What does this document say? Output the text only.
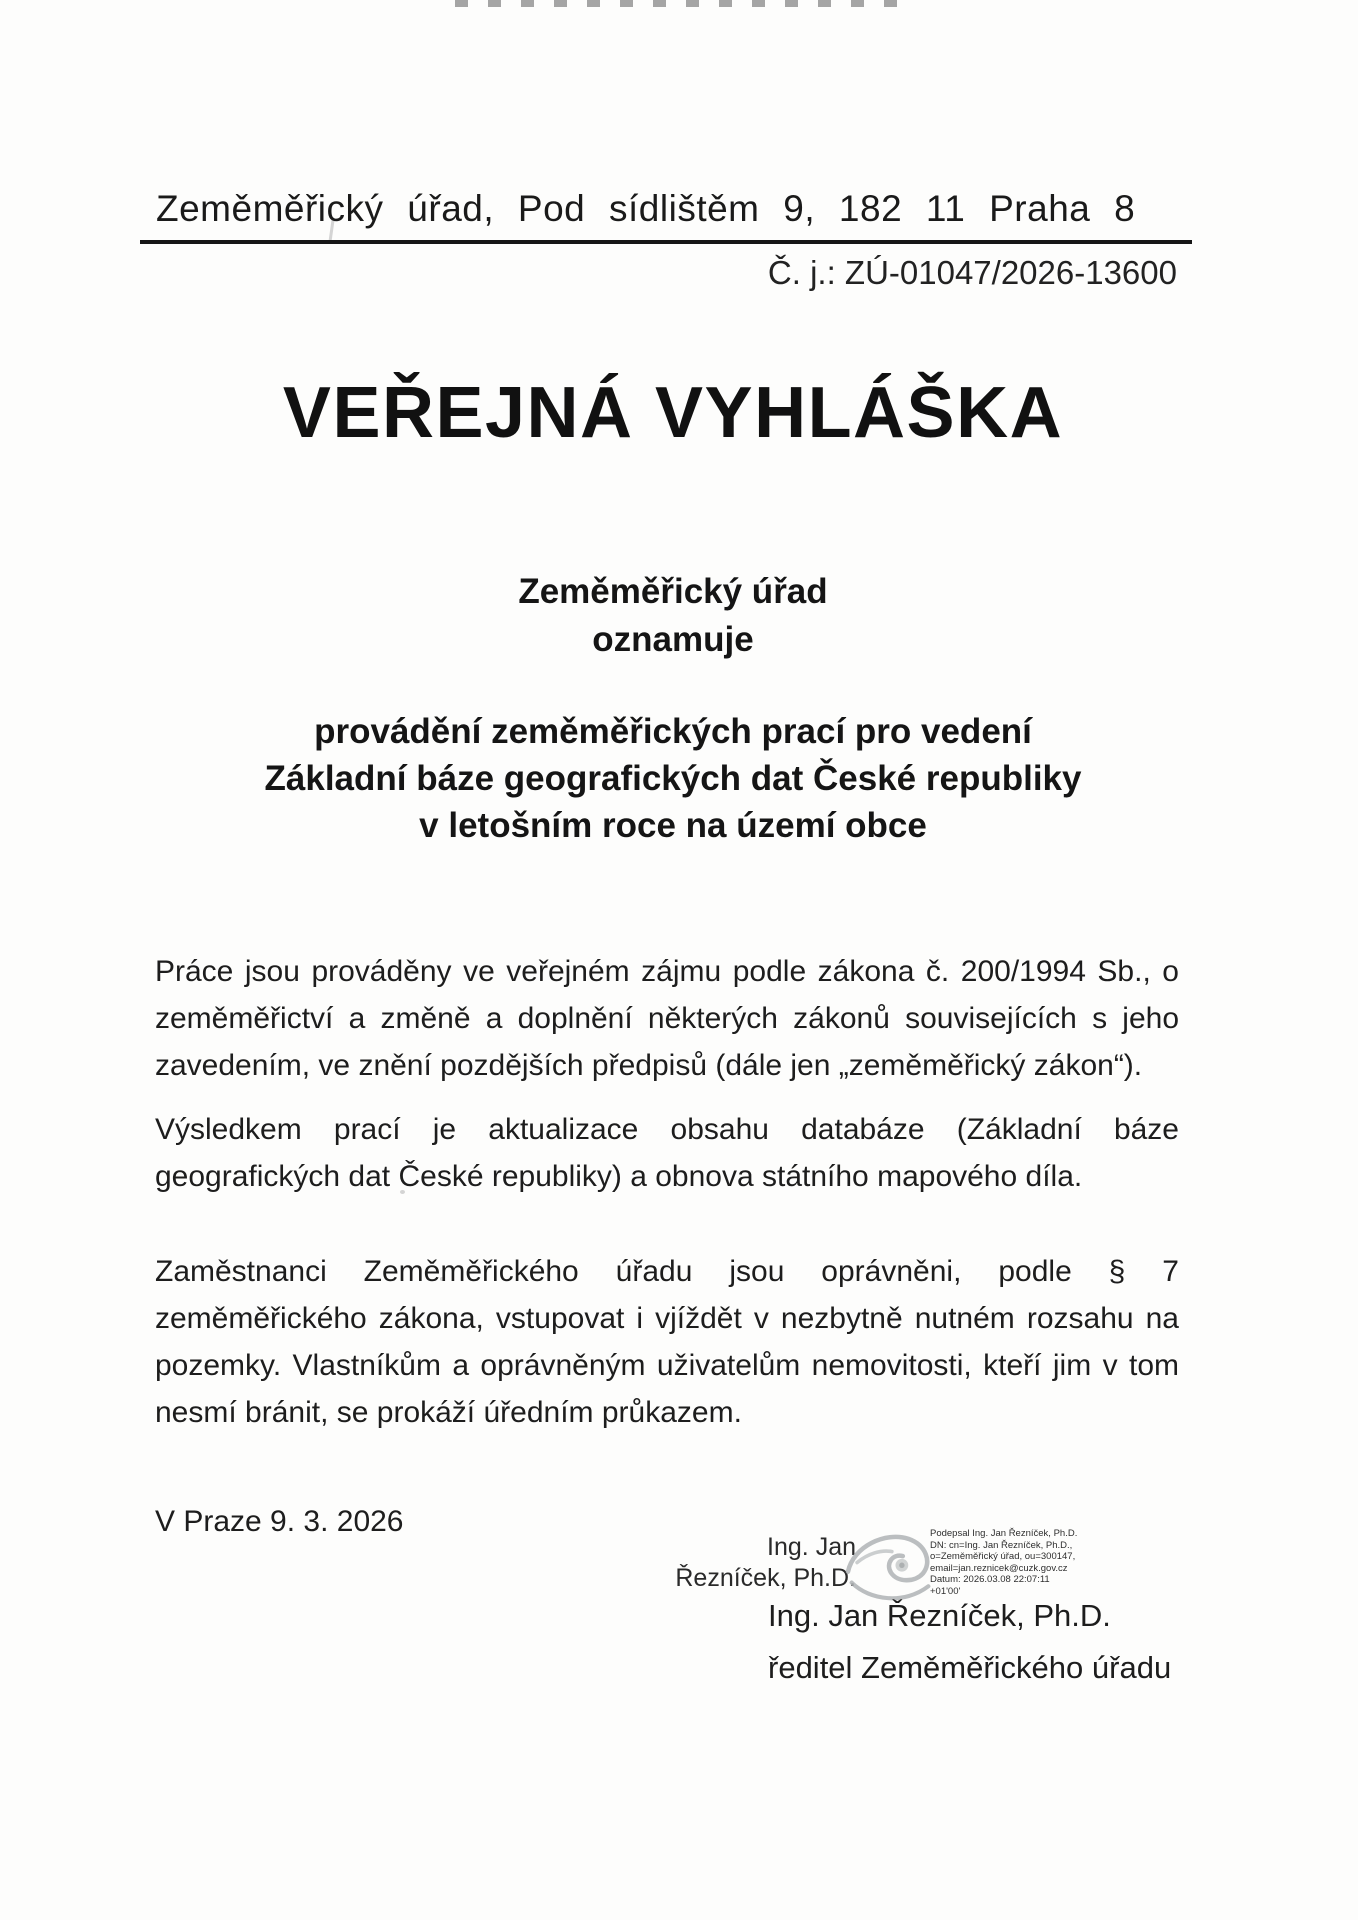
Zeměměřický úřad, Pod sídlištěm 9, 182 11 Praha 8
Č. j.: ZÚ-01047/2026-13600
VEŘEJNÁ VYHLÁŠKA
Zeměměřický úřad
oznamuje
provádění zeměměřických prací pro vedení
Základní báze geografických dat České republiky
v letošním roce na území obce

Práce jsou prováděny ve veřejném zájmu podle zákona č. 200/1994 Sb., o zeměměřictví a změně a doplnění některých zákonů souvisejících s jeho zavedením, ve znění pozdějších předpisů (dále jen „zeměměřický zákon“).

Výsledkem prací je aktualizace obsahu databáze (Základní báze geografických dat České republiky) a obnova státního mapového díla.

Zaměstnanci Zeměměřického úřadu jsou oprávněni, podle § 7 zeměměřického zákona, vstupovat i vjíždět v nezbytně nutném rozsahu na pozemky. Vlastníkům a oprávněným uživatelům nemovitosti, kteří jim v tom nesmí bránit, se prokáží úředním průkazem.

V Praze 9. 3. 2026
Ing. Jan
Řezníček, Ph.D.
Podepsal Ing. Jan Řezníček, Ph.D.
DN: cn=Ing. Jan Řezníček, Ph.D.,
o=Zeměměřický úřad, ou=300147,
email=jan.reznicek@cuzk.gov.cz
Datum: 2026.03.08 22:07:11
+01'00'
Ing. Jan Řezníček, Ph.D.
ředitel Zeměměřického úřadu
